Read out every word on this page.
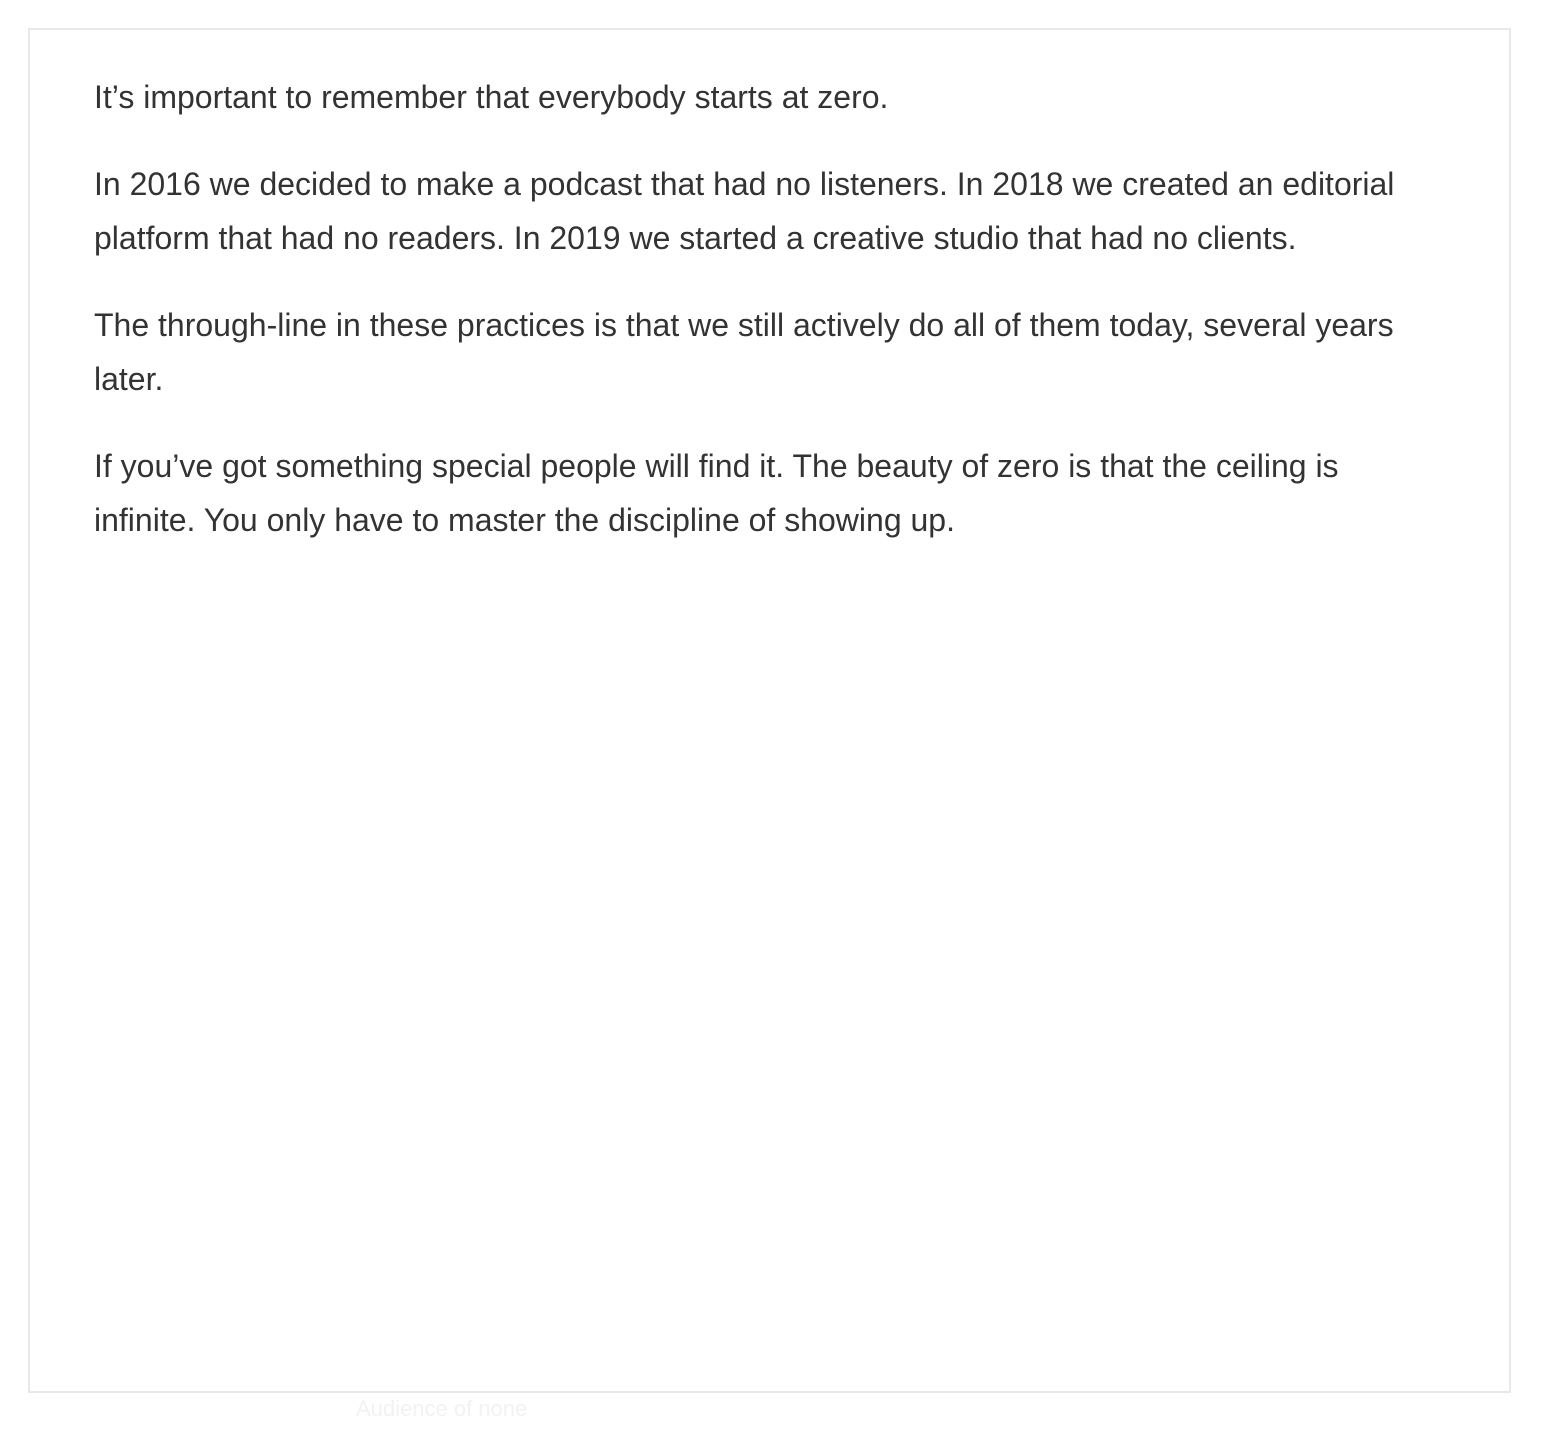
It’s important to remember that everybody starts at zero.

In 2016 we decided to make a podcast that had no listeners. In 2018 we created an editorial platform that had no readers. In 2019 we started a creative studio that had no clients.

The through-line in these practices is that we still actively do all of them today, several years later.

If you’ve got something special people will find it. The beauty of zero is that the ceiling is infinite. You only have to master the discipline of showing up.

Audience of none
